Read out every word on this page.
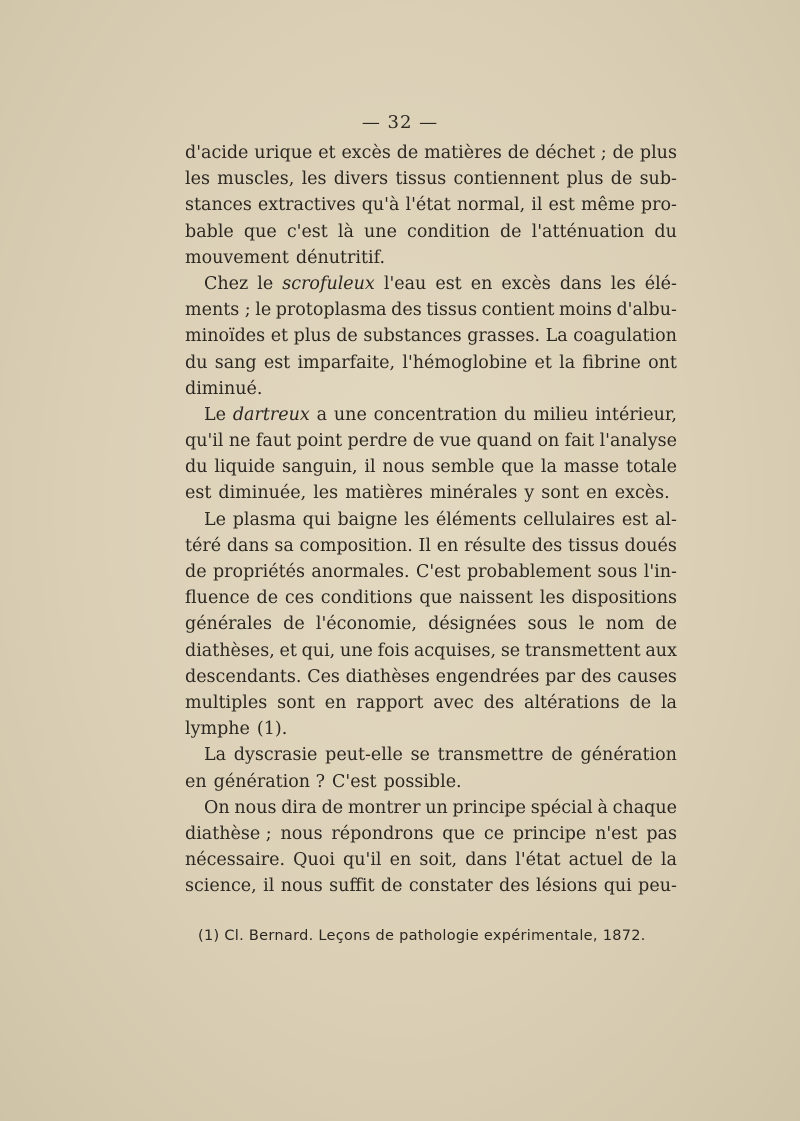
— 32 —
d'acide urique et excès de matières de déchet ; de plus
les muscles, les divers tissus contiennent plus de sub-
stances extractives qu'à l'état normal, il est même pro-
bable que c'est là une condition de l'atténuation du
mouvement dénutritif.
Chez le scrofuleux l'eau est en excès dans les élé-
ments ; le protoplasma des tissus contient moins d'albu-
minoïdes et plus de substances grasses. La coagulation
du sang est imparfaite, l'hémoglobine et la fibrine ont
diminué.
Le dartreux a une concentration du milieu intérieur,
qu'il ne faut point perdre de vue quand on fait l'analyse
du liquide sanguin, il nous semble que la masse totale
est diminuée, les matières minérales y sont en excès.
Le plasma qui baigne les éléments cellulaires est al-
téré dans sa composition. Il en résulte des tissus doués
de propriétés anormales. C'est probablement sous l'in-
fluence de ces conditions que naissent les dispositions
générales de l'économie, désignées sous le nom de
diathèses, et qui, une fois acquises, se transmettent aux
descendants. Ces diathèses engendrées par des causes
multiples sont en rapport avec des altérations de la
lymphe (1).
La dyscrasie peut-elle se transmettre de génération
en génération ? C'est possible.
On nous dira de montrer un principe spécial à chaque
diathèse ; nous répondrons que ce principe n'est pas
nécessaire. Quoi qu'il en soit, dans l'état actuel de la
science, il nous suffit de constater des lésions qui peu-
(1) Cl. Bernard. Leçons de pathologie expérimentale, 1872.
